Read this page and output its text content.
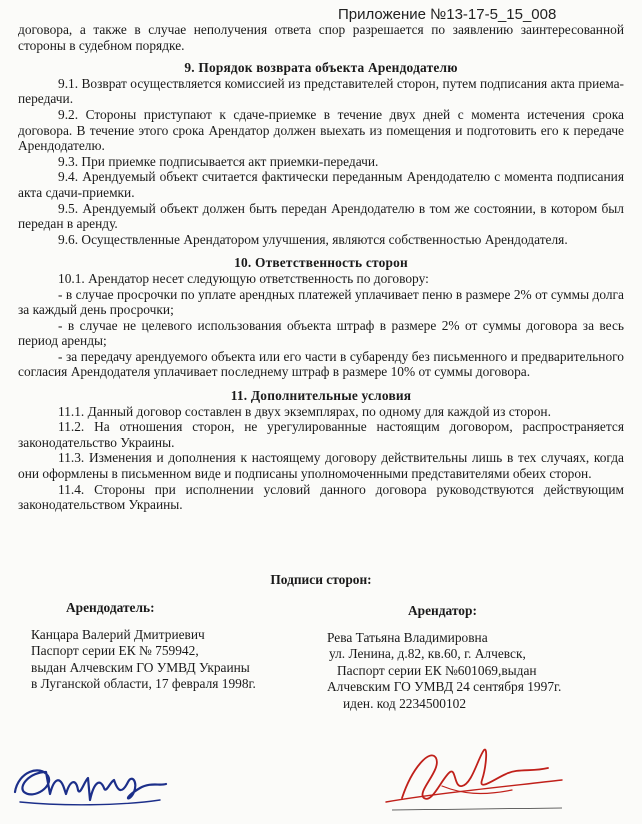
Приложение №13-17-5_15_008

договора, а также в случае неполучения ответа спор разрешается по заявлению заинтересованной стороны в судебном порядке.

9. Порядок возврата объекта Арендодателю

9.1. Возврат осуществляется комиссией из представителей сторон, путем подписания акта приема-передачи.

9.2. Стороны приступают к сдаче-приемке в течение двух дней с момента истечения срока договора. В течение этого срока Арендатор должен выехать из помещения и подготовить его к передаче Арендодателю.

9.3. При приемке подписывается акт приемки-передачи.

9.4. Арендуемый объект считается фактически переданным Арендодателю с момента подписания акта сдачи-приемки.

9.5. Арендуемый объект должен быть передан Арендодателю в том же состоянии, в котором был передан в аренду.

9.6. Осуществленные Арендатором улучшения, являются собственностью Арендодателя.

10. Ответственность сторон

10.1. Арендатор несет следующую ответственность по договору:

- в случае просрочки по уплате арендных платежей уплачивает пеню в размере 2% от суммы долга за каждый день просрочки;

- в случае не целевого использования объекта штраф в размере 2% от суммы договора за весь период аренды;

- за передачу арендуемого объекта или его части в субаренду без письменного и предварительного согласия Арендодателя уплачивает последнему штраф в размере 10% от суммы договора.

11. Дополнительные условия

11.1. Данный договор составлен в двух экземплярах, по одному для каждой из сторон.

11.2. На отношения сторон, не урегулированные настоящим договором, распространяется законодательство Украины.

11.3. Изменения и дополнения к настоящему договору действительны лишь в тех случаях, когда они оформлены в письменном виде и подписаны уполномоченными представителями обеих сторон.

11.4. Стороны при исполнении условий данного договора руководствуются действующим законодательством Украины.

Подписи сторон:
Арендодатель:	Арендатор:
Канцара Валерий Дмитриевич
Паспорт серии ЕК № 759942,
выдан Алчевским ГО УМВД Украины
в Луганской области, 17 февраля 1998г.
Рева Татьяна Владимировна
ул. Ленина, д.82, кв.60, г. Алчевск,
Паспорт серии ЕК №601069,выдан
Алчевским ГО УМВД 24 сентября 1997г.
иден. код 2234500102
